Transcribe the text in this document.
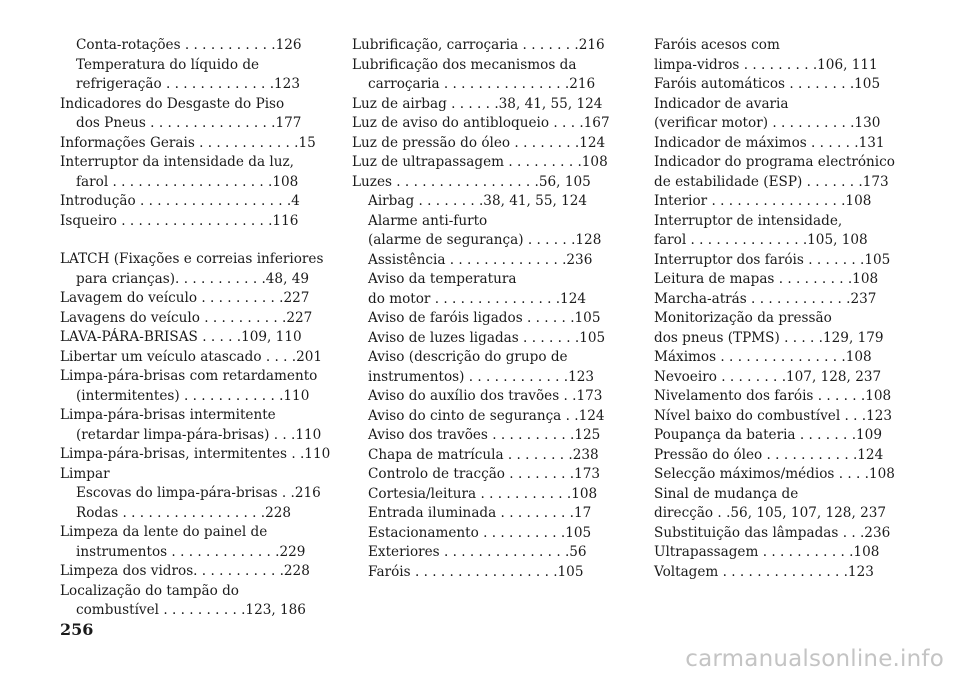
Conta-rotações . . . . . . . . . . .126
Temperatura do líquido de
refrigeração . . . . . . . . . . . . .123
Indicadores do Desgaste do Piso
dos Pneus . . . . . . . . . . . . . . .177
Informações Gerais . . . . . . . . . . . .15
Interruptor da intensidade da luz,
farol . . . . . . . . . . . . . . . . . . .108
Introdução . . . . . . . . . . . . . . . . . .4
Isqueiro . . . . . . . . . . . . . . . . . .116
LATCH (Fixações e correias inferiores
para crianças). . . . . . . . . . .48, 49
Lavagem do veículo . . . . . . . . . .227
Lavagens do veículo . . . . . . . . . .227
LAVA-PÁRA-BRISAS . . . . .109, 110
Libertar um veículo atascado . . . .201
Limpa-pára-brisas com retardamento
(intermitentes) . . . . . . . . . . . .110
Limpa-pára-brisas intermitente
(retardar limpa-pára-brisas) . . .110
Limpa-pára-brisas, intermitentes . .110
Limpar
Escovas do limpa-pára-brisas . .216
Rodas . . . . . . . . . . . . . . . . .228
Limpeza da lente do painel de
instrumentos . . . . . . . . . . . . .229
Limpeza dos vidros. . . . . . . . . . .228
Localização do tampão do
combustível . . . . . . . . . .123, 186
Lubrificação, carroçaria . . . . . . .216
Lubrificação dos mecanismos da
carroçaria . . . . . . . . . . . . . . .216
Luz de airbag . . . . . .38, 41, 55, 124
Luz de aviso do antibloqueio . . . .167
Luz de pressão do óleo . . . . . . . .124
Luz de ultrapassagem . . . . . . . . .108
Luzes . . . . . . . . . . . . . . . . .56, 105
Airbag . . . . . . . .38, 41, 55, 124
Alarme anti-furto
(alarme de segurança) . . . . . .128
Assistência . . . . . . . . . . . . . .236
Aviso da temperatura
do motor . . . . . . . . . . . . . . .124
Aviso de faróis ligados . . . . . .105
Aviso de luzes ligadas . . . . . . .105
Aviso (descrição do grupo de
instrumentos) . . . . . . . . . . . .123
Aviso do auxílio dos travões . .173
Aviso do cinto de segurança . .124
Aviso dos travões . . . . . . . . . .125
Chapa de matrícula . . . . . . . .238
Controlo de tracção . . . . . . . .173
Cortesia/leitura . . . . . . . . . . .108
Entrada iluminada . . . . . . . . .17
Estacionamento . . . . . . . . . .105
Exteriores . . . . . . . . . . . . . . .56
Faróis . . . . . . . . . . . . . . . . .105
Faróis acesos com
limpa-vidros . . . . . . . . .106, 111
Faróis automáticos . . . . . . . .105
Indicador de avaria
(verificar motor) . . . . . . . . . .130
Indicador de máximos . . . . . .131
Indicador do programa electrónico
de estabilidade (ESP) . . . . . . .173
Interior . . . . . . . . . . . . . . . .108
Interruptor de intensidade,
farol . . . . . . . . . . . . . .105, 108
Interruptor dos faróis . . . . . . .105
Leitura de mapas . . . . . . . . .108
Marcha-atrás . . . . . . . . . . . .237
Monitorização da pressão
dos pneus (TPMS) . . . . .129, 179
Máximos . . . . . . . . . . . . . . .108
Nevoeiro . . . . . . . .107, 128, 237
Nivelamento dos faróis . . . . . .108
Nível baixo do combustível . . .123
Poupança da bateria . . . . . . .109
Pressão do óleo . . . . . . . . . . .124
Selecção máximos/médios . . . .108
Sinal de mudança de
direcção . .56, 105, 107, 128, 237
Substituição das lâmpadas . . .236
Ultrapassagem . . . . . . . . . . .108
Voltagem . . . . . . . . . . . . . . .123
256
carmanualsonline.info
